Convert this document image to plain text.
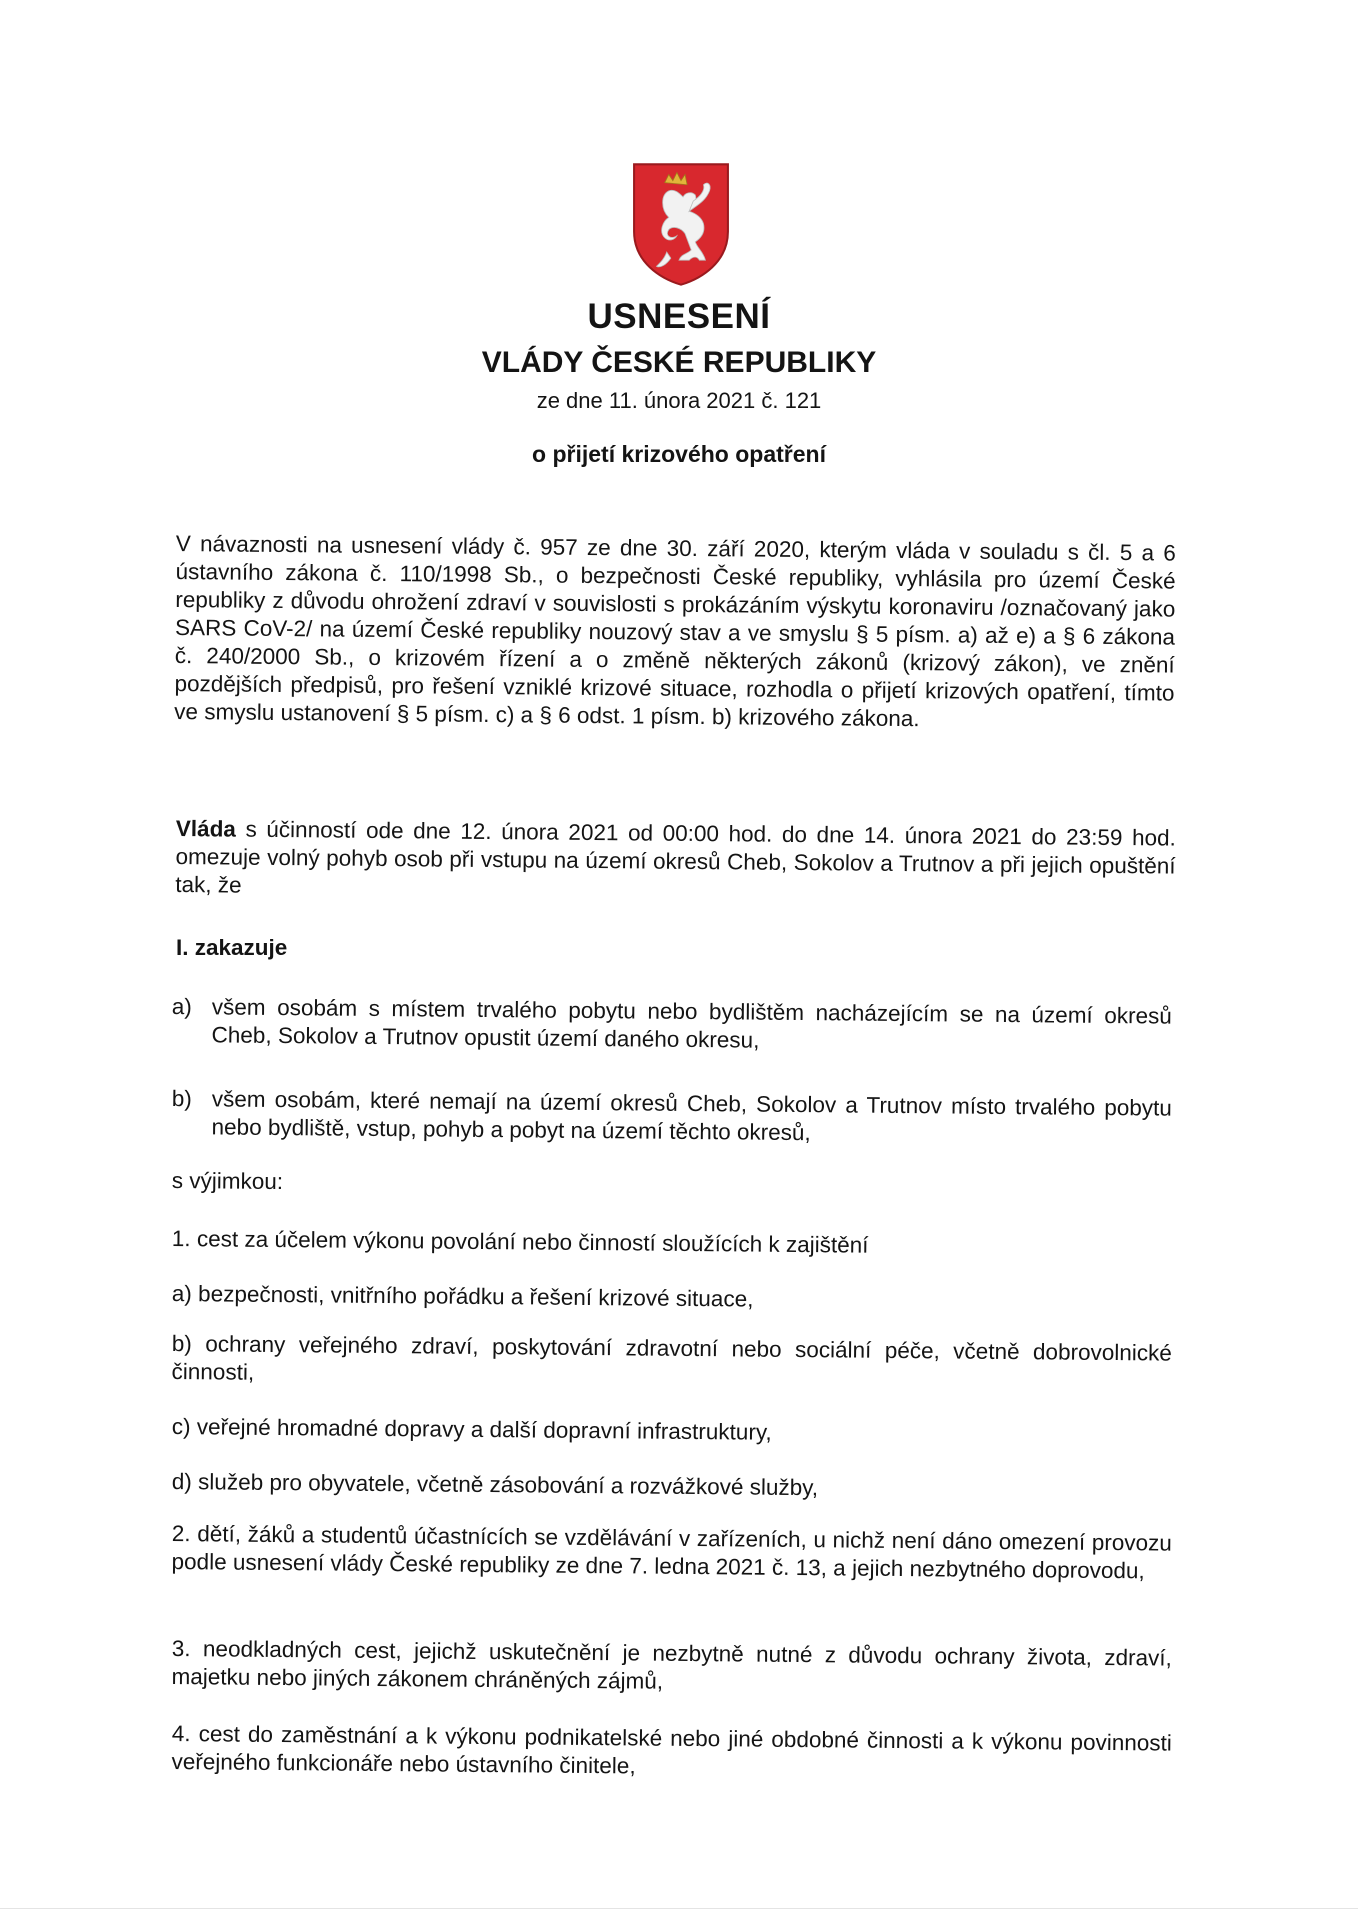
USNESENÍ
VLÁDY ČESKÉ REPUBLIKY
ze dne 11. února 2021 č. 121
o přijetí krizového opatření
V návaznosti na usnesení vlády č. 957 ze dne 30. září 2020, kterým vláda v souladu s čl. 5 a 6 ústavního zákona č. 110/1998 Sb., o bezpečnosti České republiky, vyhlásila pro území České republiky z důvodu ohrožení zdraví v souvislosti s prokázáním výskytu koronaviru /označovaný jako SARS CoV-2/ na území České republiky nouzový stav a ve smyslu § 5 písm. a) až e) a § 6 zákona č. 240/2000 Sb., o krizovém řízení a o změně některých zákonů (krizový zákon), ve znění pozdějších předpisů, pro řešení vzniklé krizové situace, rozhodla o přijetí krizových opatření, tímto ve smyslu ustanovení § 5 písm. c) a § 6 odst. 1 písm. b) krizového zákona.
Vláda s účinností ode dne 12. února 2021 od 00:00 hod. do dne 14. února 2021 do 23:59 hod. omezuje volný pohyb osob při vstupu na území okresů Cheb, Sokolov a Trutnov a při jejich opuštění tak, že
I. zakazuje
a) všem osobám s místem trvalého pobytu nebo bydlištěm nacházejícím se na území okresů Cheb, Sokolov a Trutnov opustit území daného okresu,
b) všem osobám, které nemají na území okresů Cheb, Sokolov a Trutnov místo trvalého pobytu nebo bydliště, vstup, pohyb a pobyt na území těchto okresů,
s výjimkou:
1. cest za účelem výkonu povolání nebo činností sloužících k zajištění
a) bezpečnosti, vnitřního pořádku a řešení krizové situace,
b) ochrany veřejného zdraví, poskytování zdravotní nebo sociální péče, včetně dobrovolnické činnosti,
c) veřejné hromadné dopravy a další dopravní infrastruktury,
d) služeb pro obyvatele, včetně zásobování a rozvážkové služby,
2. dětí, žáků a studentů účastnících se vzdělávání v zařízeních, u nichž není dáno omezení provozu podle usnesení vlády České republiky ze dne 7. ledna 2021 č. 13, a jejich nezbytného doprovodu,
3. neodkladných cest, jejichž uskutečnění je nezbytně nutné z důvodu ochrany života, zdraví, majetku nebo jiných zákonem chráněných zájmů,
4. cest do zaměstnání a k výkonu podnikatelské nebo jiné obdobné činnosti a k výkonu povinnosti veřejného funkcionáře nebo ústavního činitele,
